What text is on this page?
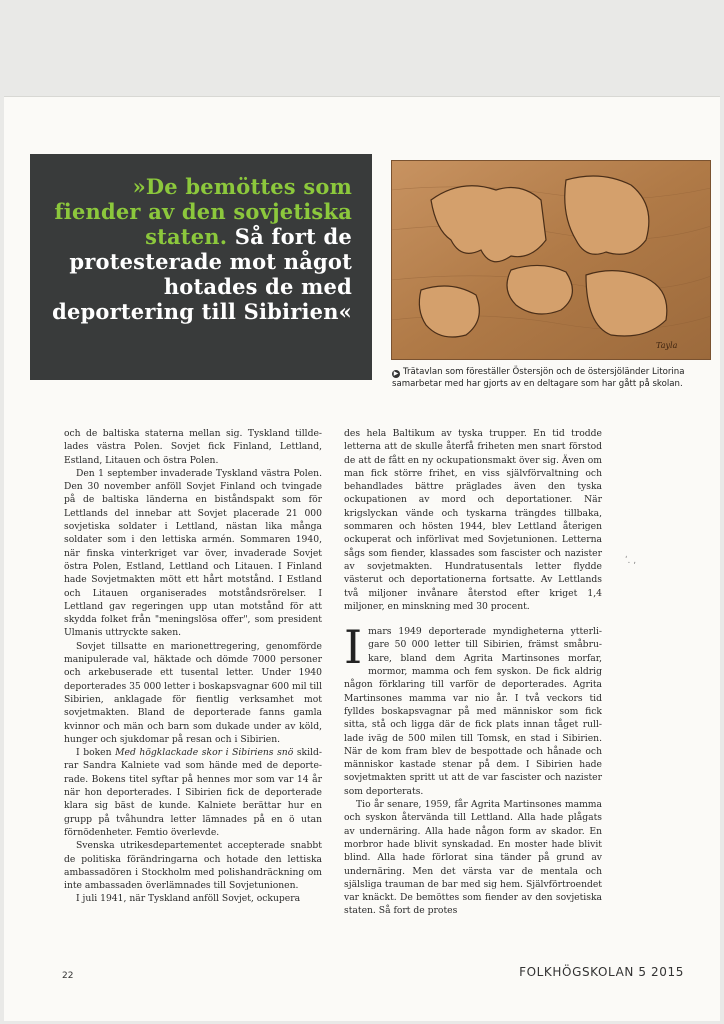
»De bemöttes som fiender av den sovjetiska staten. Så fort de protesterade mot något hotades de med deportering till Sibirien«
Tayla
▶ Trätavlan som föreställer Östersjön och de östersjöländer Litorina samarbetar med har gjorts av en deltagare som har gått på skolan.

och de baltiska staterna mellan sig. Tyskland tilldelades västra Polen. Sovjet fick Finland, Lettland, Estland, Litauen och östra Polen.

Den 1 september invaderade Tyskland västra Polen. Den 30 november anföll Sovjet Finland och tvingade på de baltiska länderna en biståndspakt som för Lettlands del innebar att Sovjet placerade 21 000 sovjetiska soldater i Lettland, nästan lika många soldater som i den lettiska armén. Sommaren 1940, när finska vinterkriget var över, invaderade Sovjet östra Polen, Estland, Lettland och Litauen. I Finland hade Sovjetmakten mött ett hårt motstånd. I Estland och Litauen organiserades motståndsrörelser. I Lettland gav regeringen upp utan motstånd för att skydda folket från "meningslösa offer", som president Ulmanis uttryckte saken.

Sovjet tillsatte en marionettregering, genomförde manipulerade val, häktade och dömde 7000 personer och arkebuserade ett tusental letter. Under 1940 deporterades 35 000 letter i boskapsvagnar 600 mil till Sibirien, anklagade för fientlig verksamhet mot sovjetmakten. Bland de deporterade fanns gamla kvinnor och män och barn som dukade under av köld, hunger och sjukdomar på resan och i Sibirien.

I boken Med högklackade skor i Sibiriens snö skildrar Sandra Kalniete vad som hände med de deporterade. Bokens titel syftar på hennes mor som var 14 år när hon deporterades. I Sibirien fick de deporterade klara sig bäst de kunde. Kalniete berättar hur en grupp på tvåhundra letter lämnades på en ö utan förnödenheter. Femtio överlevde.

Svenska utrikesdepartementet accepterade snabbt de politiska förändringarna och hotade den lettiska ambassadören i Stockholm med polishandräckning om inte ambassaden överlämnades till Sovjetunionen.

I juli 1941, när Tyskland anföll Sovjet, ockupera

des hela Baltikum av tyska trupper. En tid trodde letterna att de skulle återfå friheten men snart förstod de att de fått en ny ockupationsmakt över sig. Även om man fick större frihet, en viss självförvaltning och behandlades bättre präglades även den tyska ockupationen av mord och deportationer. När krigslyckan vände och tyskarna trängdes tillbaka, sommaren och hösten 1944, blev Lettland återigen ockuperat och införlivat med Sovjetunionen. Letterna sågs som fiender, klassades som fascister och nazister av sovjetmakten. Hundratusentals letter flydde västerut och deportationerna fortsatte. Av Lettlands två miljoner invånare återstod efter kriget 1,4 miljoner, en minskning med 30 procent.

I mars 1949 deporterade myndigheterna ytterligare 50 000 letter till Sibirien, främst småbrukare, bland dem Agrita Martinsones morfar, mormor, mamma och fem syskon. De fick aldrig någon förklaring till varför de deporterades. Agrita Martinsones mamma var nio år. I två veckors tid fylldes boskapsvagnar på med människor som fick sitta, stå och ligga där de fick plats innan tåget rulllade iväg de 500 milen till Tomsk, en stad i Sibirien. När de kom fram blev de bespottade och hånade och människor kastade stenar på dem. I Sibirien hade sovjetmakten spritt ut att de var fascister och nazister som deporterats.

Tio år senare, 1959, får Agrita Martinsones mamma och syskon återvända till Lettland. Alla hade plågats av undernäring. Alla hade någon form av skador. En morbror hade blivit synskadad. En moster hade blivit blind. Alla hade förlorat sina tänder på grund av undernäring. Men det värsta var de mentala och själsliga trauman de bar med sig hem. Självförtroendet var knäckt. De bemöttes som fiender av den sovjetiska staten. Så fort de protes

ʹ. ,
22	FOLKHÖGSKOLAN 5 2015
